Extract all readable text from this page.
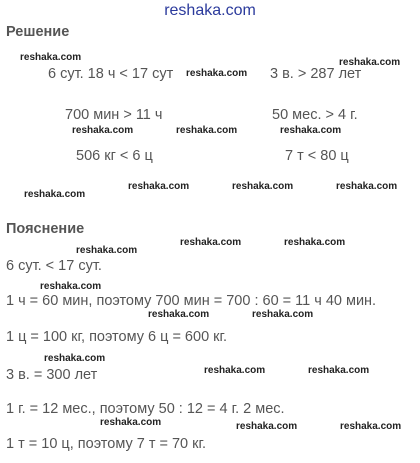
reshaka.com
Решение
6 сут. 18 ч < 17 сут	3 в. > 287 лет
700 мин > 11 ч	50 мес. > 4 г.
506 кг < 6 ц	7 т < 80 ц
Пояснение
6 сут. < 17 сут.
1 ч = 60 мин, поэтому 700 мин = 700 : 60 = 11 ч 40 мин.
1 ц = 100 кг, поэтому 6 ц = 600 кг.
3 в. = 300 лет
1 г. = 12 мес., поэтому 50 : 12 = 4 г. 2 мес.
1 т = 10 ц, поэтому 7 т = 70 кг.
reshaka.com	reshaka.com
reshaka.com
reshaka.com	reshaka.com	reshaka.com
reshaka.com
reshaka.com	reshaka.com	reshaka.com
reshaka.com	reshaka.com
reshaka.com
reshaka.com
reshaka.com	reshaka.com
reshaka.com
reshaka.com	reshaka.com
reshaka.com	reshaka.com	reshaka.com
